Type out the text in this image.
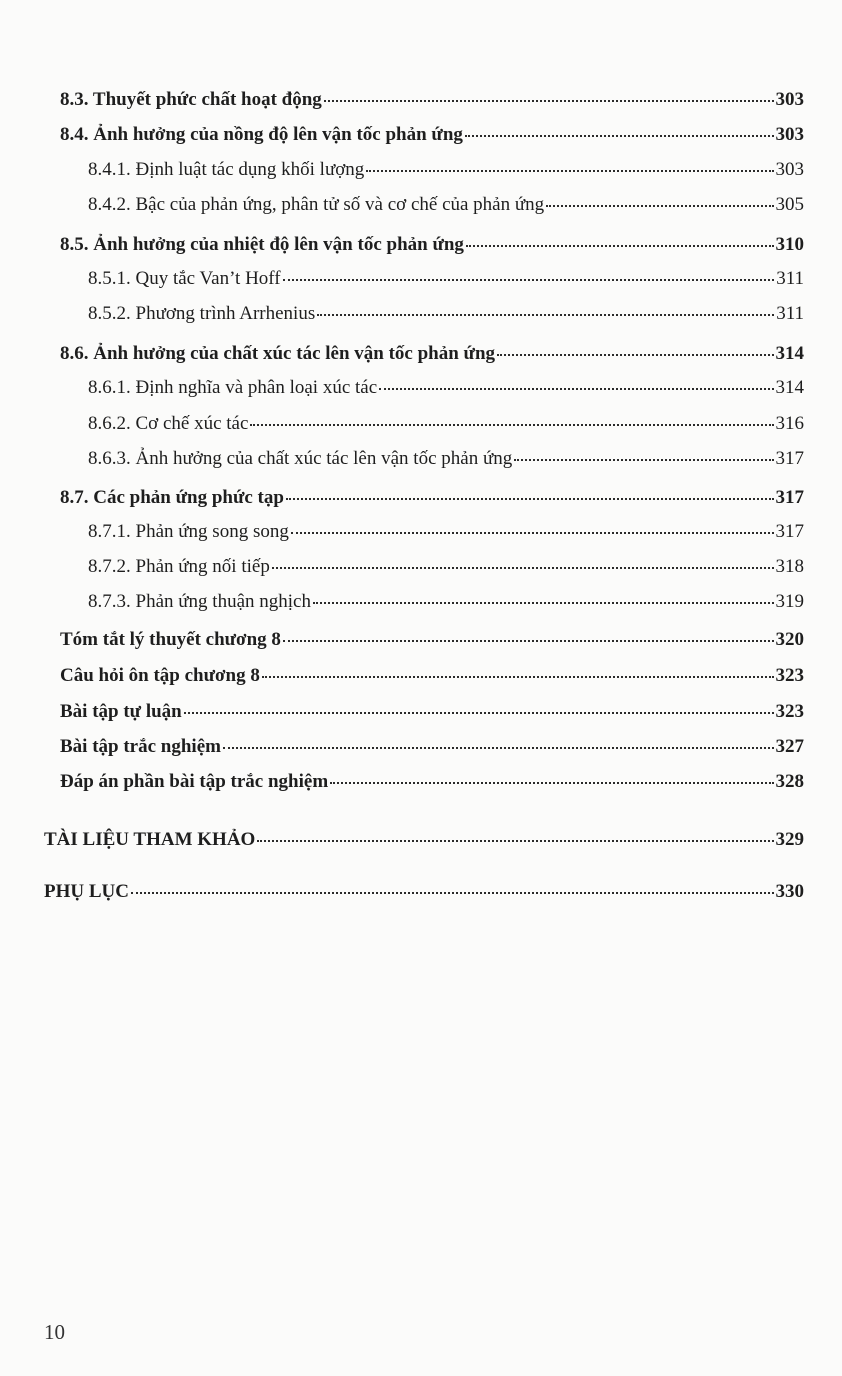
8.3. Thuyết phức chất hoạt động	303
8.4. Ảnh hưởng của nồng độ lên vận tốc phản ứng	303
8.4.1. Định luật tác dụng khối lượng	303
8.4.2. Bậc của phản ứng, phân tử số và cơ chế của phản ứng	305
8.5. Ảnh hưởng của nhiệt độ lên vận tốc phản ứng	310
8.5.1. Quy tắc Van’t Hoff	311
8.5.2. Phương trình Arrhenius	311
8.6. Ảnh hưởng của chất xúc tác lên vận tốc phản ứng	314
8.6.1. Định nghĩa và phân loại xúc tác	314
8.6.2. Cơ chế xúc tác	316
8.6.3. Ảnh hưởng của chất xúc tác lên vận tốc phản ứng	317
8.7. Các phản ứng phức tạp	317
8.7.1. Phản ứng song song	317
8.7.2. Phản ứng nối tiếp	318
8.7.3. Phản ứng thuận nghịch	319
Tóm tắt lý thuyết chương 8	320
Câu hỏi ôn tập chương 8	323
Bài tập tự luận	323
Bài tập trắc nghiệm	327
Đáp án phần bài tập trắc nghiệm	328
TÀI LIỆU THAM KHẢO	329
PHỤ LỤC	330
10
